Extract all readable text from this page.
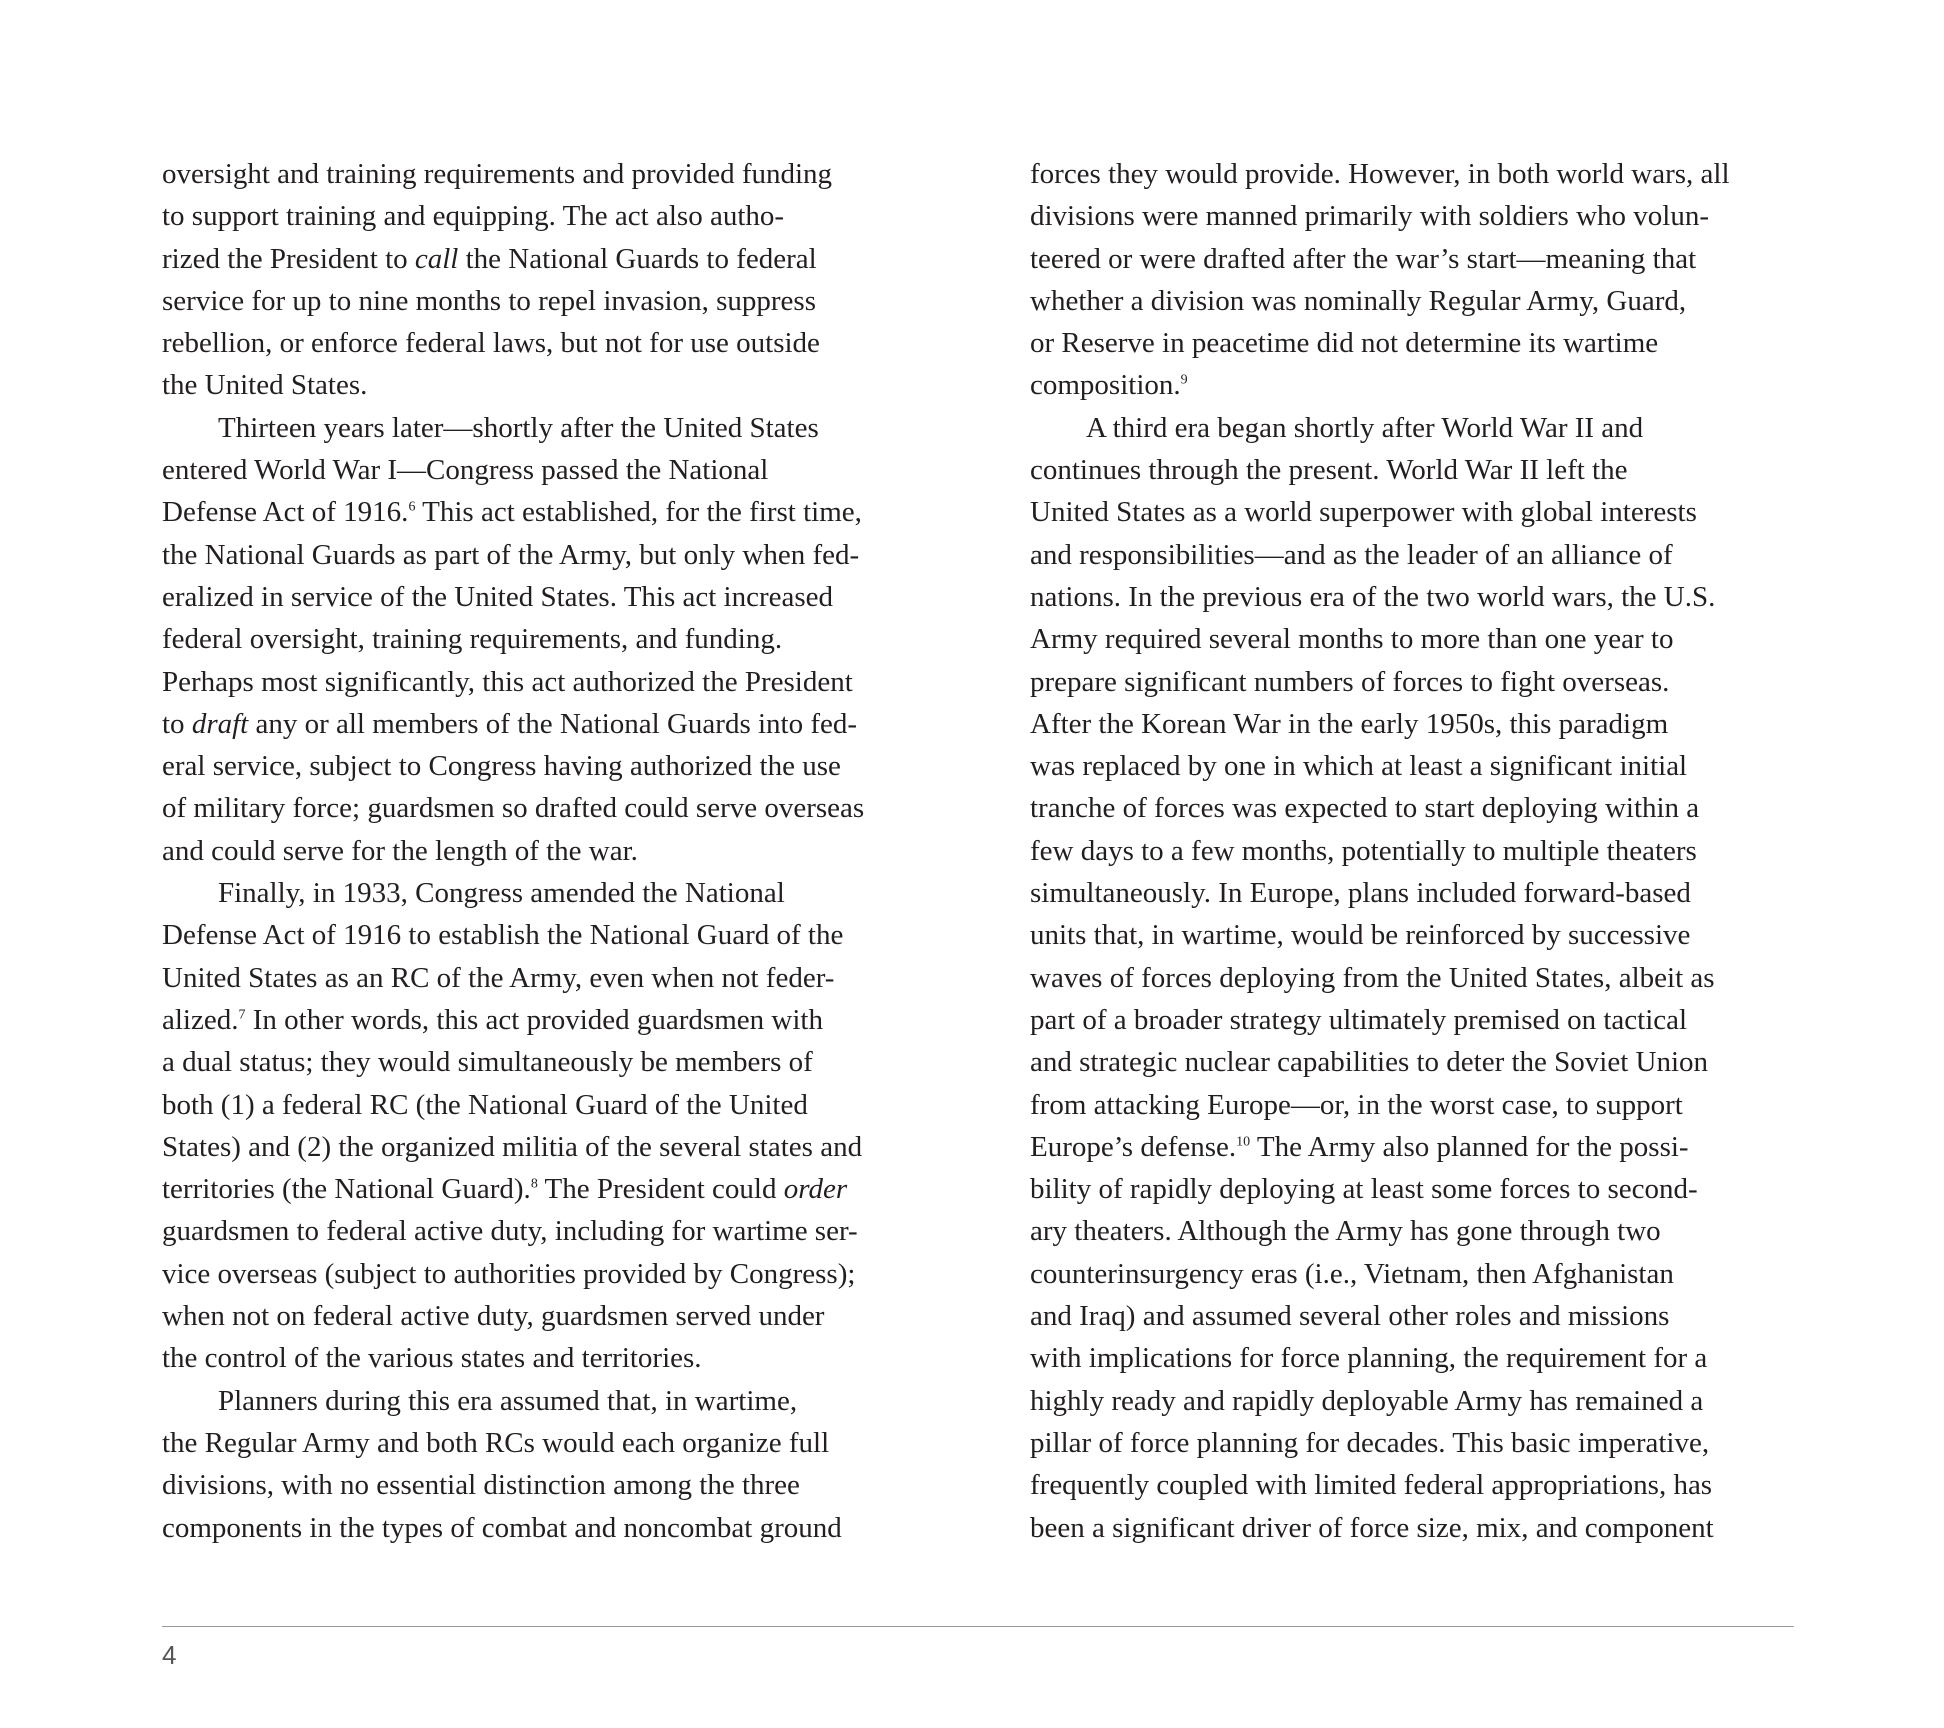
oversight and training requirements and provided funding
to support training and equipping. The act also autho-
rized the President to call the National Guards to federal
service for up to nine months to repel invasion, suppress
rebellion, or enforce federal laws, but not for use outside
the United States.
Thirteen years later—shortly after the United States
entered World War I—Congress passed the National
Defense Act of 1916.$^6$ This act established, for the first time,
the National Guards as part of the Army, but only when fed-
eralized in service of the United States. This act increased
federal oversight, training requirements, and funding.
Perhaps most significantly, this act authorized the President
to draft any or all members of the National Guards into fed-
eral service, subject to Congress having authorized the use
of military force; guardsmen so drafted could serve overseas
and could serve for the length of the war.
Finally, in 1933, Congress amended the National
Defense Act of 1916 to establish the National Guard of the
United States as an RC of the Army, even when not feder-
alized.$^7$ In other words, this act provided guardsmen with
a dual status; they would simultaneously be members of
both (1) a federal RC (the National Guard of the United
States) and (2) the organized militia of the several states and
territories (the National Guard).$^8$ The President could order
guardsmen to federal active duty, including for wartime ser-
vice overseas (subject to authorities provided by Congress);
when not on federal active duty, guardsmen served under
the control of the various states and territories.
Planners during this era assumed that, in wartime,
the Regular Army and both RCs would each organize full
divisions, with no essential distinction among the three
components in the types of combat and noncombat ground
forces they would provide. However, in both world wars, all
divisions were manned primarily with soldiers who volun-
teered or were drafted after the war’s start—meaning that
whether a division was nominally Regular Army, Guard,
or Reserve in peacetime did not determine its wartime
composition.$^9$
A third era began shortly after World War II and
continues through the present. World War II left the
United States as a world superpower with global interests
and responsibilities—and as the leader of an alliance of
nations. In the previous era of the two world wars, the U.S.
Army required several months to more than one year to
prepare significant numbers of forces to fight overseas.
After the Korean War in the early 1950s, this paradigm
was replaced by one in which at least a significant initial
tranche of forces was expected to start deploying within a
few days to a few months, potentially to multiple theaters
simultaneously. In Europe, plans included forward-based
units that, in wartime, would be reinforced by successive
waves of forces deploying from the United States, albeit as
part of a broader strategy ultimately premised on tactical
and strategic nuclear capabilities to deter the Soviet Union
from attacking Europe—or, in the worst case, to support
Europe’s defense.$^{10}$ The Army also planned for the possi-
bility of rapidly deploying at least some forces to second-
ary theaters. Although the Army has gone through two
counterinsurgency eras (i.e., Vietnam, then Afghanistan
and Iraq) and assumed several other roles and missions
with implications for force planning, the requirement for a
highly ready and rapidly deployable Army has remained a
pillar of force planning for decades. This basic imperative,
frequently coupled with limited federal appropriations, has
been a significant driver of force size, mix, and component
4
